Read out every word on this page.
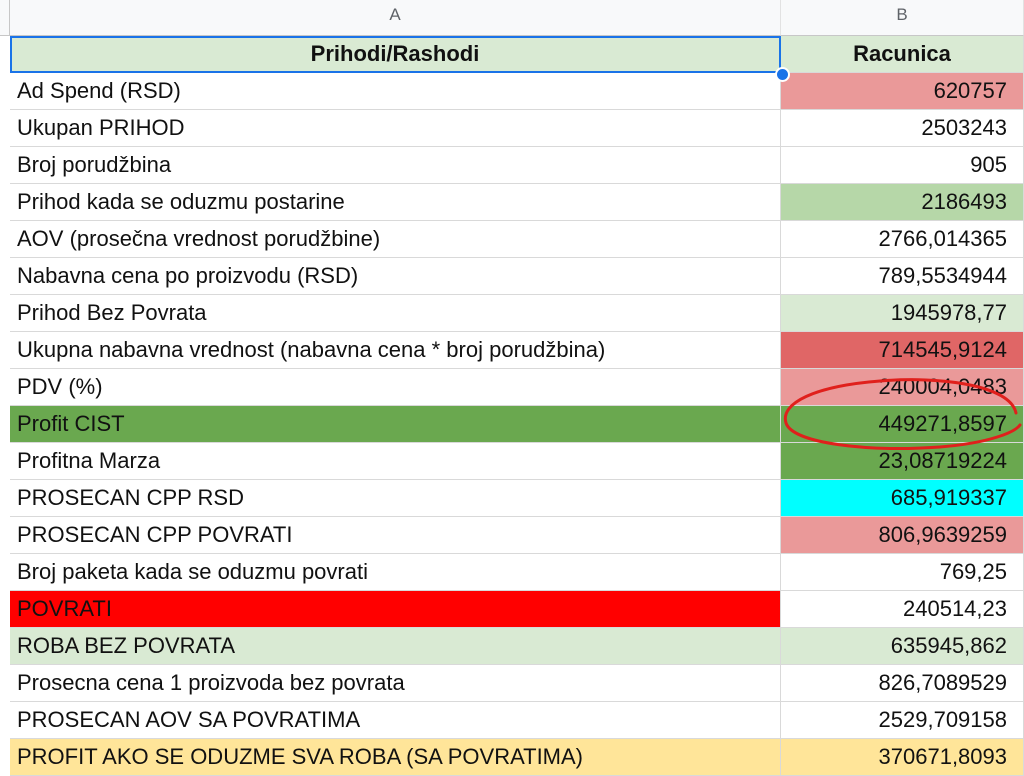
A	B
Prihodi/Rashodi	Racunica
Ad Spend (RSD)	620757
Ukupan PRIHOD	2503243
Broj porudžbina	905
Prihod kada se oduzmu postarine	2186493
AOV (prosečna vrednost porudžbine)	2766,014365
Nabavna cena po proizvodu (RSD)	789,5534944
Prihod Bez Povrata	1945978,77
Ukupna nabavna vrednost (nabavna cena * broj porudžbina)	714545,9124
PDV (%)	240004,0483
Profit CIST	449271,8597
Profitna Marza	23,08719224
PROSECAN CPP RSD	685,919337
PROSECAN CPP POVRATI	806,9639259
Broj paketa kada se oduzmu povrati	769,25
POVRATI	240514,23
ROBA BEZ POVRATA	635945,862
Prosecna cena 1 proizvoda bez povrata	826,7089529
PROSECAN AOV SA POVRATIMA	2529,709158
PROFIT AKO SE ODUZME SVA ROBA (SA POVRATIMA)	370671,8093
